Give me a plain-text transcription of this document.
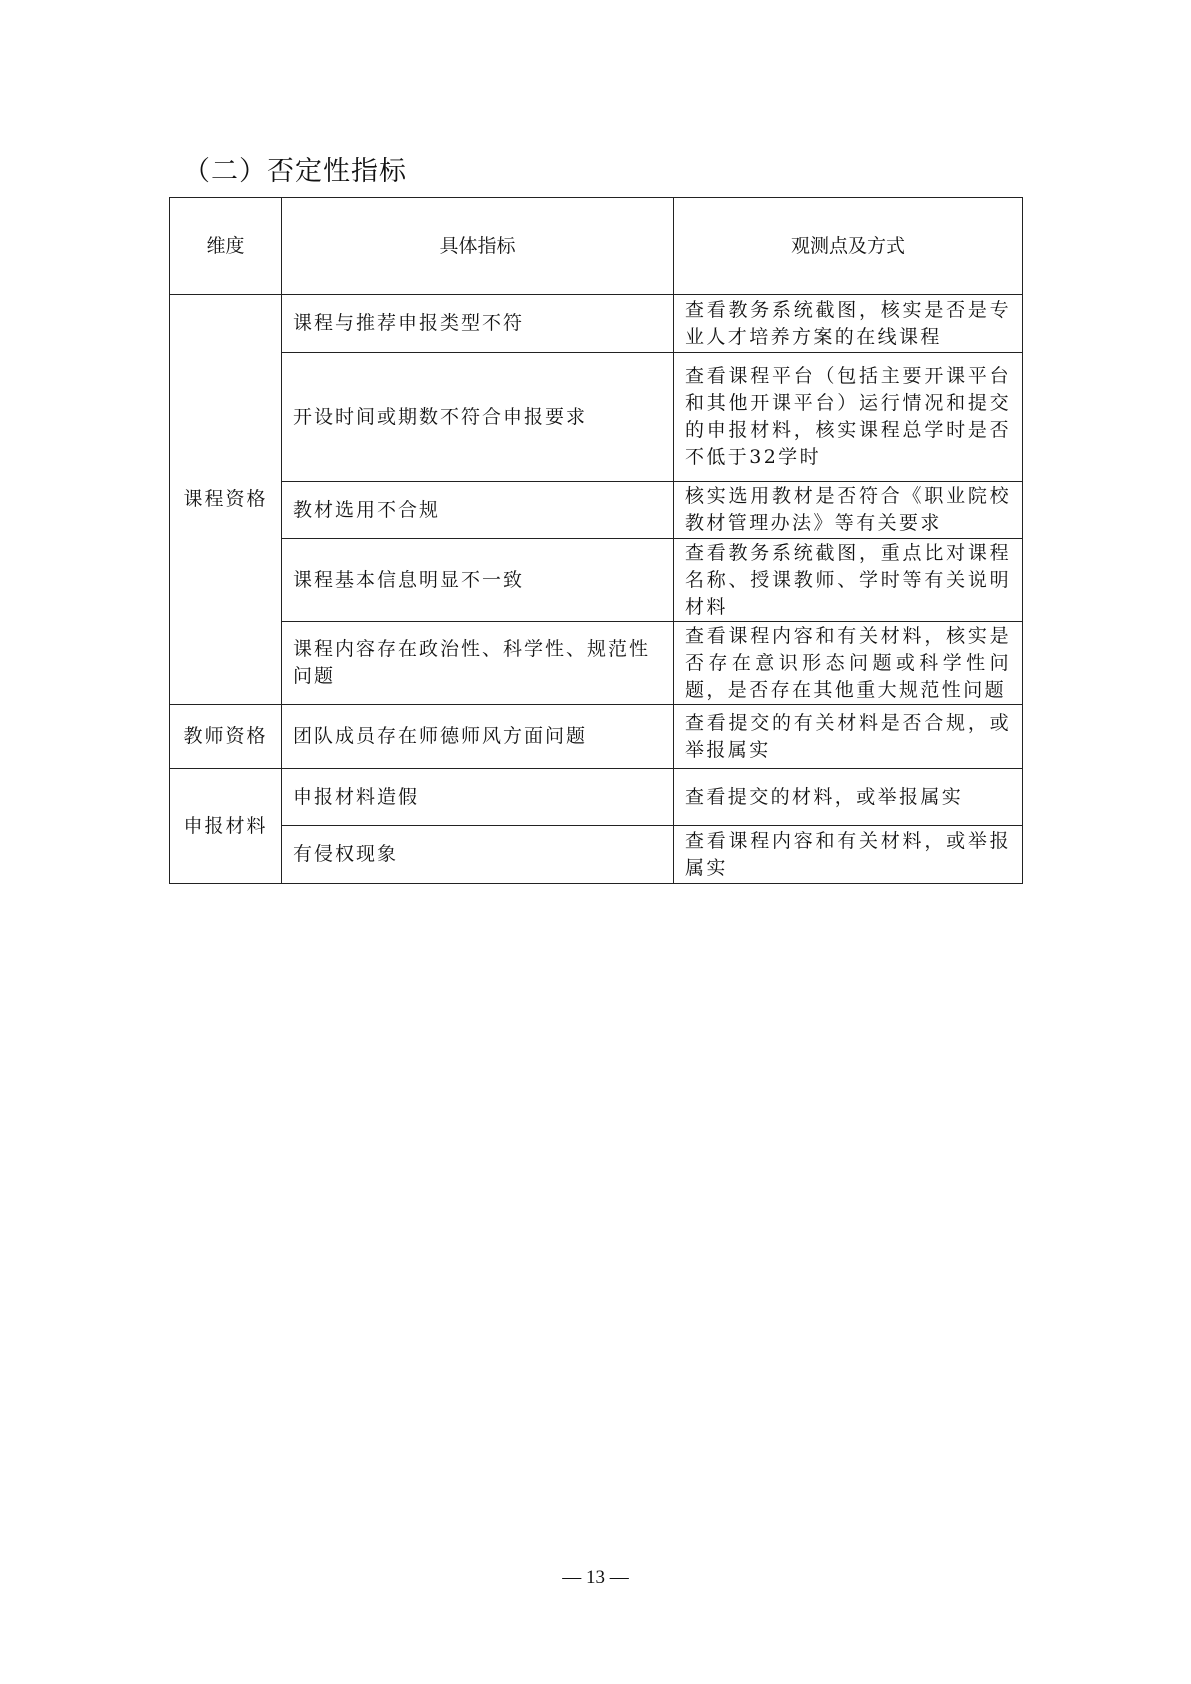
（二）否定性指标
维度	具体指标	观测点及方式
课程资格	课程与推荐申报类型不符	查看教务系统截图，核实是否是专业人才培养方案的在线课程
	开设时间或期数不符合申报要求	查看课程平台（包括主要开课平台和其他开课平台）运行情况和提交的申报材料，核实课程总学时是否不低于32学时
	教材选用不合规	核实选用教材是否符合《职业院校教材管理办法》等有关要求
	课程基本信息明显不一致	查看教务系统截图，重点比对课程名称、授课教师、学时等有关说明材料
	课程内容存在政治性、科学性、规范性问题	查看课程内容和有关材料，核实是否存在意识形态问题或科学性问题，是否存在其他重大规范性问题
教师资格	团队成员存在师德师风方面问题	查看提交的有关材料是否合规，或举报属实
申报材料	申报材料造假	查看提交的材料，或举报属实
	有侵权现象	查看课程内容和有关材料，或举报属实
— 13 —
